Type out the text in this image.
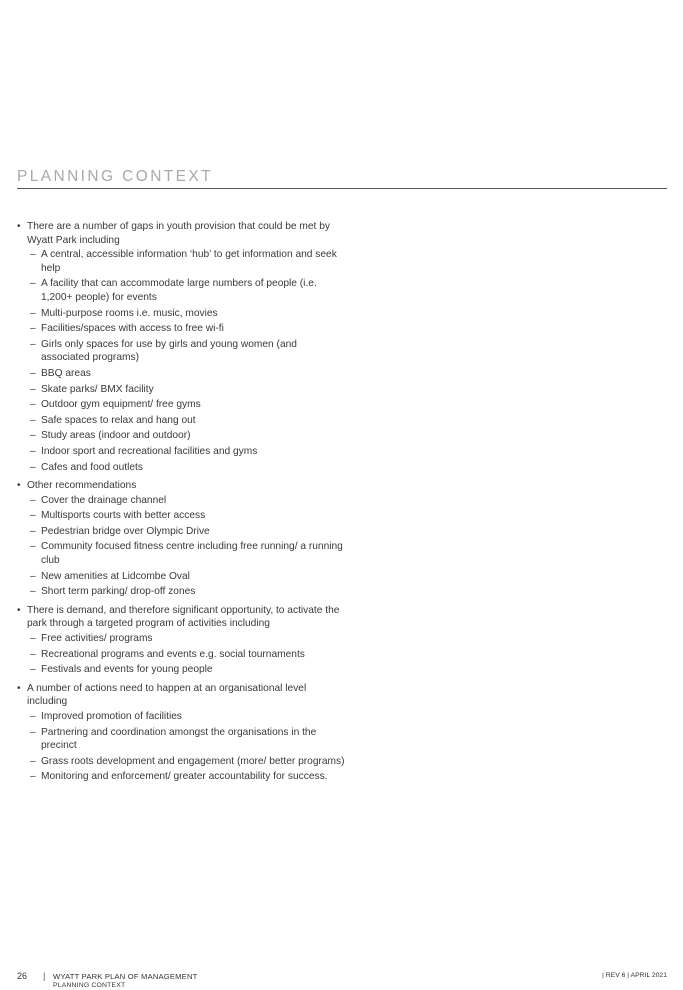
PLANNING CONTEXT
• There are a number of gaps in youth provision that could be met by Wyatt Park including
– A central, accessible information ‘hub’ to get information and seek help
– A facility that can accommodate large numbers of people (i.e. 1,200+ people) for events
– Multi-purpose rooms i.e. music, movies
– Facilities/spaces with access to free wi-fi
– Girls only spaces for use by girls and young women (and associated programs)
– BBQ areas
– Skate parks/ BMX facility
– Outdoor gym equipment/ free gyms
– Safe spaces to relax and hang out
– Study areas (indoor and outdoor)
– Indoor sport and recreational facilities and gyms
– Cafes and food outlets
• Other recommendations
– Cover the drainage channel
– Multisports courts with better access
– Pedestrian bridge over Olympic Drive
– Community focused fitness centre including free running/ a running club
– New amenities at Lidcombe Oval
– Short term parking/ drop-off zones
• There is demand, and therefore significant opportunity, to activate the park through a targeted program of activities including
– Free activities/ programs
– Recreational programs and events e.g. social tournaments
– Festivals and events for young people
• A number of actions need to happen at an organisational level including
– Improved promotion of facilities
– Partnering and coordination amongst the organisations in the precinct
– Grass roots development and engagement (more/ better programs)
– Monitoring and enforcement/ greater accountability for success.
26 | WYATT PARK PLAN OF MANAGEMENT
PLANNING CONTEXT
| REV 6 | APRIL 2021
